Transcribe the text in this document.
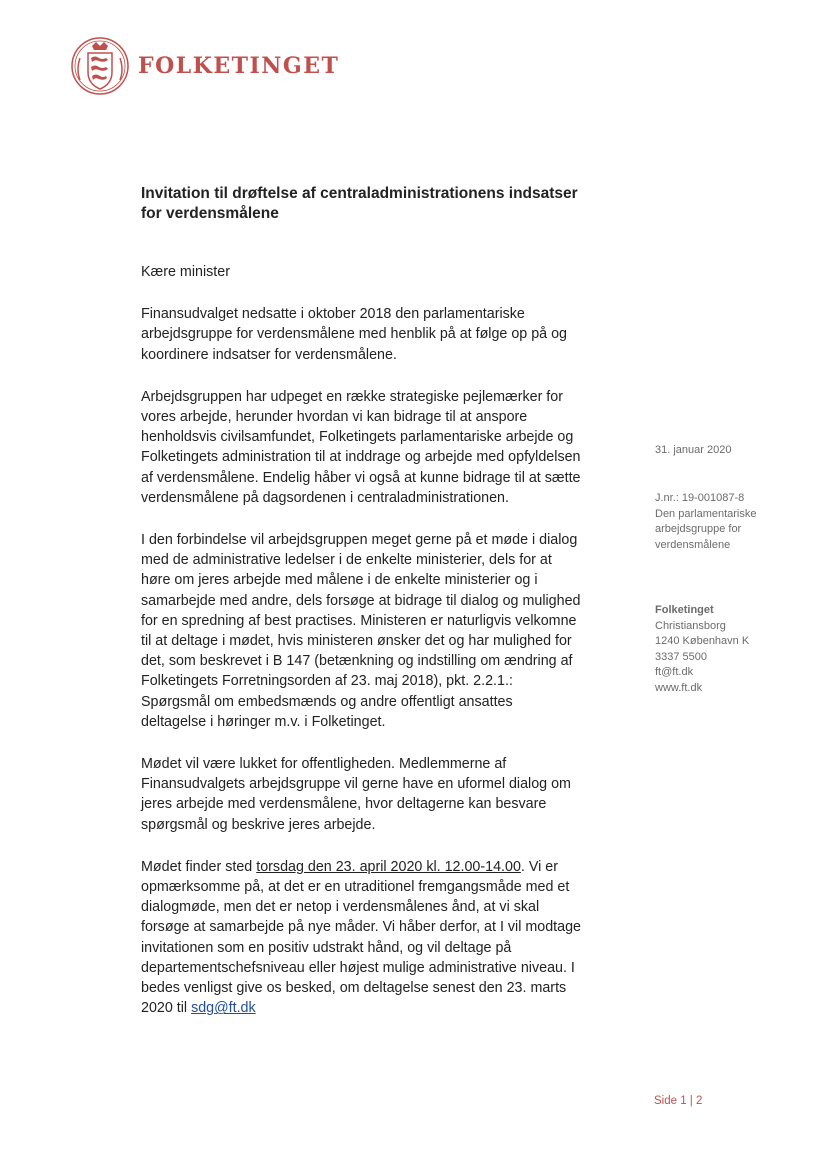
FOLKETINGET
Invitation til drøftelse af centraladministrationens indsatser for verdensmålene

Kære minister

Finansudvalget nedsatte i oktober 2018 den parlamentariske arbejdsgruppe for verdensmålene med henblik på at følge op på og koordinere indsatser for verdensmålene.

Arbejdsgruppen har udpeget en række strategiske pejlemærker for vores arbejde, herunder hvordan vi kan bidrage til at anspore henholdsvis civilsamfundet, Folketingets parlamentariske arbejde og Folketingets administration til at inddrage og arbejde med opfyldelsen af verdensmålene. Endelig håber vi også at kunne bidrage til at sætte verdensmålene på dagsordenen i centraladministrationen.

I den forbindelse vil arbejdsgruppen meget gerne på et møde i dialog med de administrative ledelser i de enkelte ministerier, dels for at høre om jeres arbejde med målene i de enkelte ministerier og i samarbejde med andre, dels forsøge at bidrage til dialog og mulighed for en spredning af best practises. Ministeren er naturligvis velkomne til at deltage i mødet, hvis ministeren ønsker det og har mulighed for det, som beskrevet i B 147 (betænkning og indstilling om ændring af Folketingets Forretningsorden af 23. maj 2018), pkt. 2.2.1.: Spørgsmål om embedsmænds og andre offentligt ansattes deltagelse i høringer m.v. i Folketinget.

Mødet vil være lukket for offentligheden. Medlemmerne af Finansudvalgets arbejdsgruppe vil gerne have en uformel dialog om jeres arbejde med verdensmålene, hvor deltagerne kan besvare spørgsmål og beskrive jeres arbejde.

Mødet finder sted torsdag den 23. april 2020 kl. 12.00-14.00. Vi er opmærksomme på, at det er en utraditionel fremgangsmåde med et dialogmøde, men det er netop i verdensmålenes ånd, at vi skal forsøge at samarbejde på nye måder. Vi håber derfor, at I vil modtage invitationen som en positiv udstrakt hånd, og vil deltage på departementschefsniveau eller højest mulige administrative niveau. I bedes venligst give os besked, om deltagelse senest den 23. marts 2020 til sdg@ft.dk

31. januar 2020
J.nr.: 19-001087-8
Den parlamentariske
arbejdsgruppe for
verdensmålene
Folketinget
Christiansborg
1240 København K
3337 5500
ft@ft.dk
www.ft.dk
Side 1 | 2
